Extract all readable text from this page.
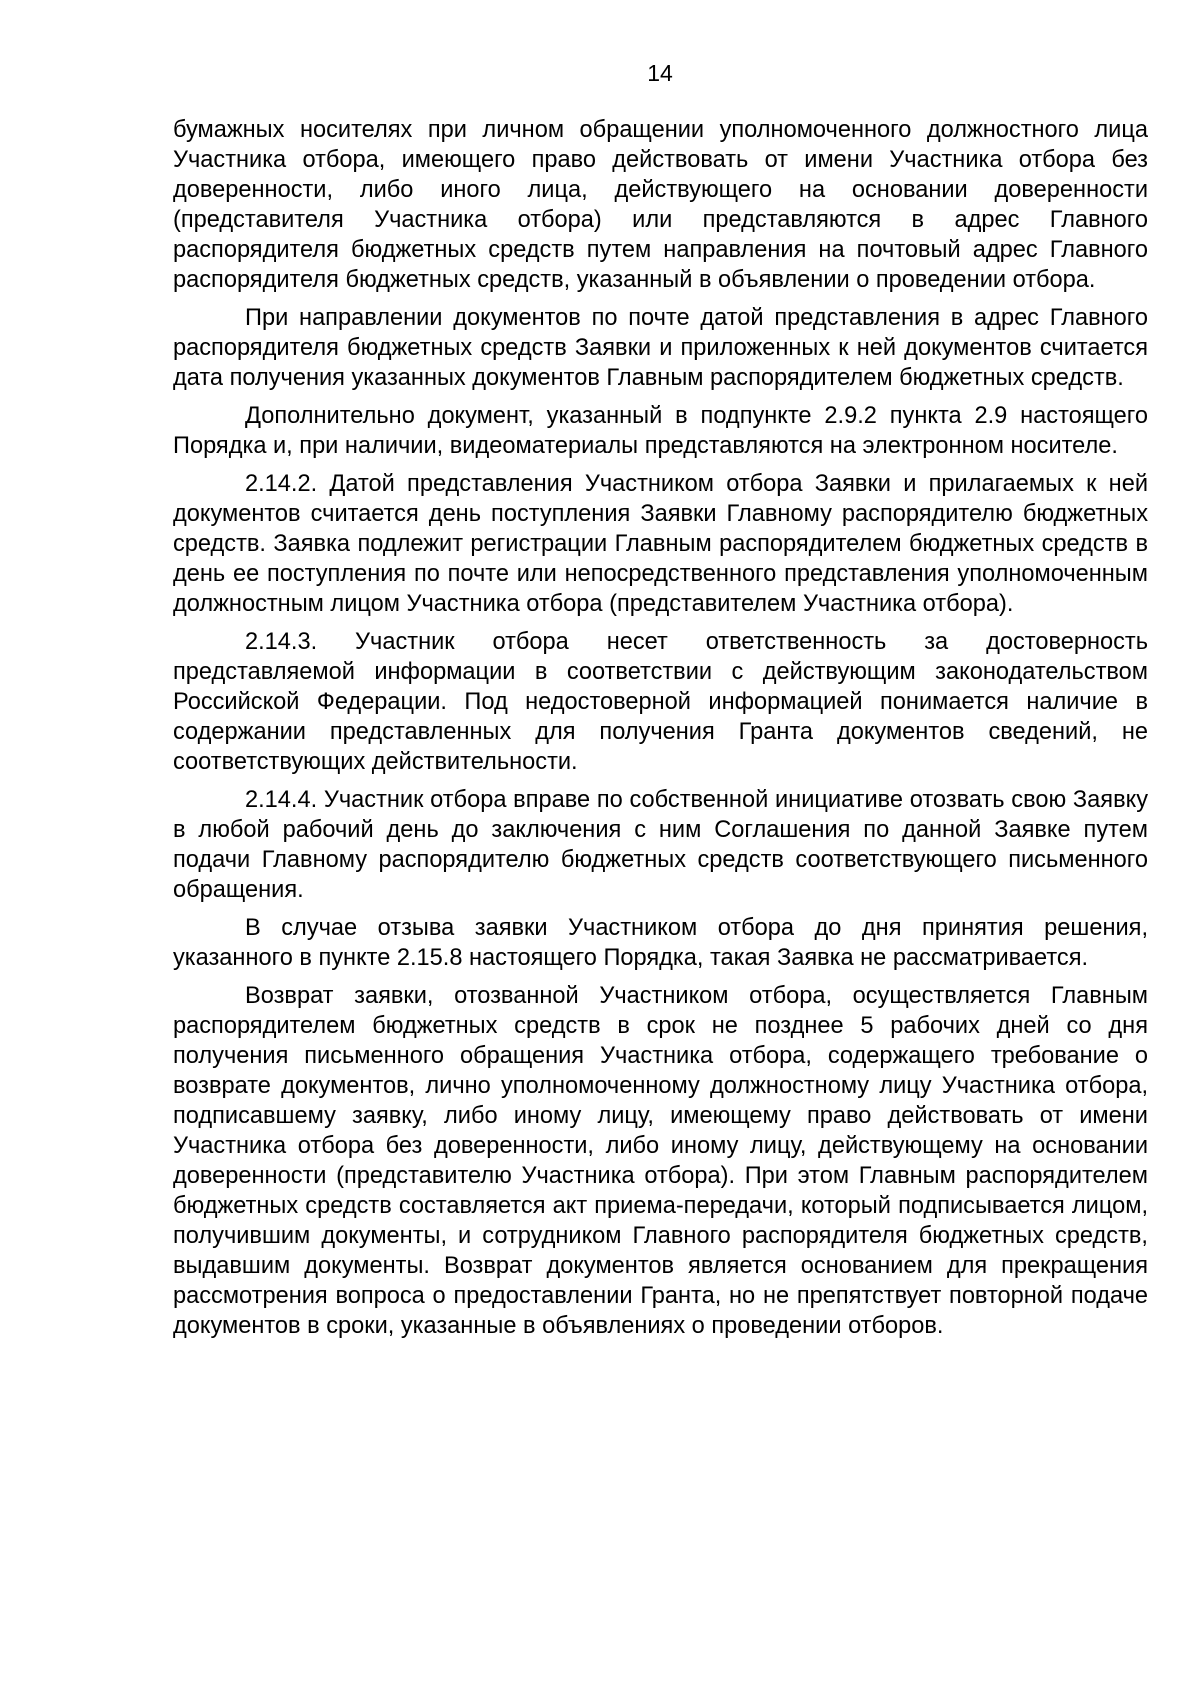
14

бумажных носителях при личном обращении уполномоченного должностного лица Участника отбора, имеющего право действовать от имени Участника отбора без доверенности, либо иного лица, действующего на основании доверенности (представителя Участника отбора) или представляются в адрес Главного распорядителя бюджетных средств путем направления на почтовый адрес Главного распорядителя бюджетных средств, указанный в объявлении о проведении отбора.

При направлении документов по почте датой представления в адрес Главного распорядителя бюджетных средств Заявки и приложенных к ней документов считается дата получения указанных документов Главным распорядителем бюджетных средств.

Дополнительно документ, указанный в подпункте 2.9.2 пункта 2.9 настоящего Порядка и, при наличии, видеоматериалы представляются на электронном носителе.

2.14.2. Датой представления Участником отбора Заявки и прилагаемых к ней документов считается день поступления Заявки Главному распорядителю бюджетных средств. Заявка подлежит регистрации Главным распорядителем бюджетных средств в день ее поступления по почте или непосредственного представления уполномоченным должностным лицом Участника отбора (представителем Участника отбора).

2.14.3. Участник отбора несет ответственность за достоверность представляемой информации в соответствии с действующим законодательством Российской Федерации. Под недостоверной информацией понимается наличие в содержании представленных для получения Гранта документов сведений, не соответствующих действительности.

2.14.4. Участник отбора вправе по собственной инициативе отозвать свою Заявку в любой рабочий день до заключения с ним Соглашения по данной Заявке путем подачи Главному распорядителю бюджетных средств соответствующего письменного обращения.

В случае отзыва заявки Участником отбора до дня принятия решения, указанного в пункте 2.15.8 настоящего Порядка, такая Заявка не рассматривается.

Возврат заявки, отозванной Участником отбора, осуществляется Главным распорядителем бюджетных средств в срок не позднее 5 рабочих дней со дня получения письменного обращения Участника отбора, содержащего требование о возврате документов, лично уполномоченному должностному лицу Участника отбора, подписавшему заявку, либо иному лицу, имеющему право действовать от имени Участника отбора без доверенности, либо иному лицу, действующему на основании доверенности (представителю Участника отбора). При этом Главным распорядителем бюджетных средств составляется акт приема-передачи, который подписывается лицом, получившим документы, и сотрудником Главного распорядителя бюджетных средств, выдавшим документы. Возврат документов является основанием для прекращения рассмотрения вопроса о предоставлении Гранта, но не препятствует повторной подаче документов в сроки, указанные в объявлениях о проведении отборов.
